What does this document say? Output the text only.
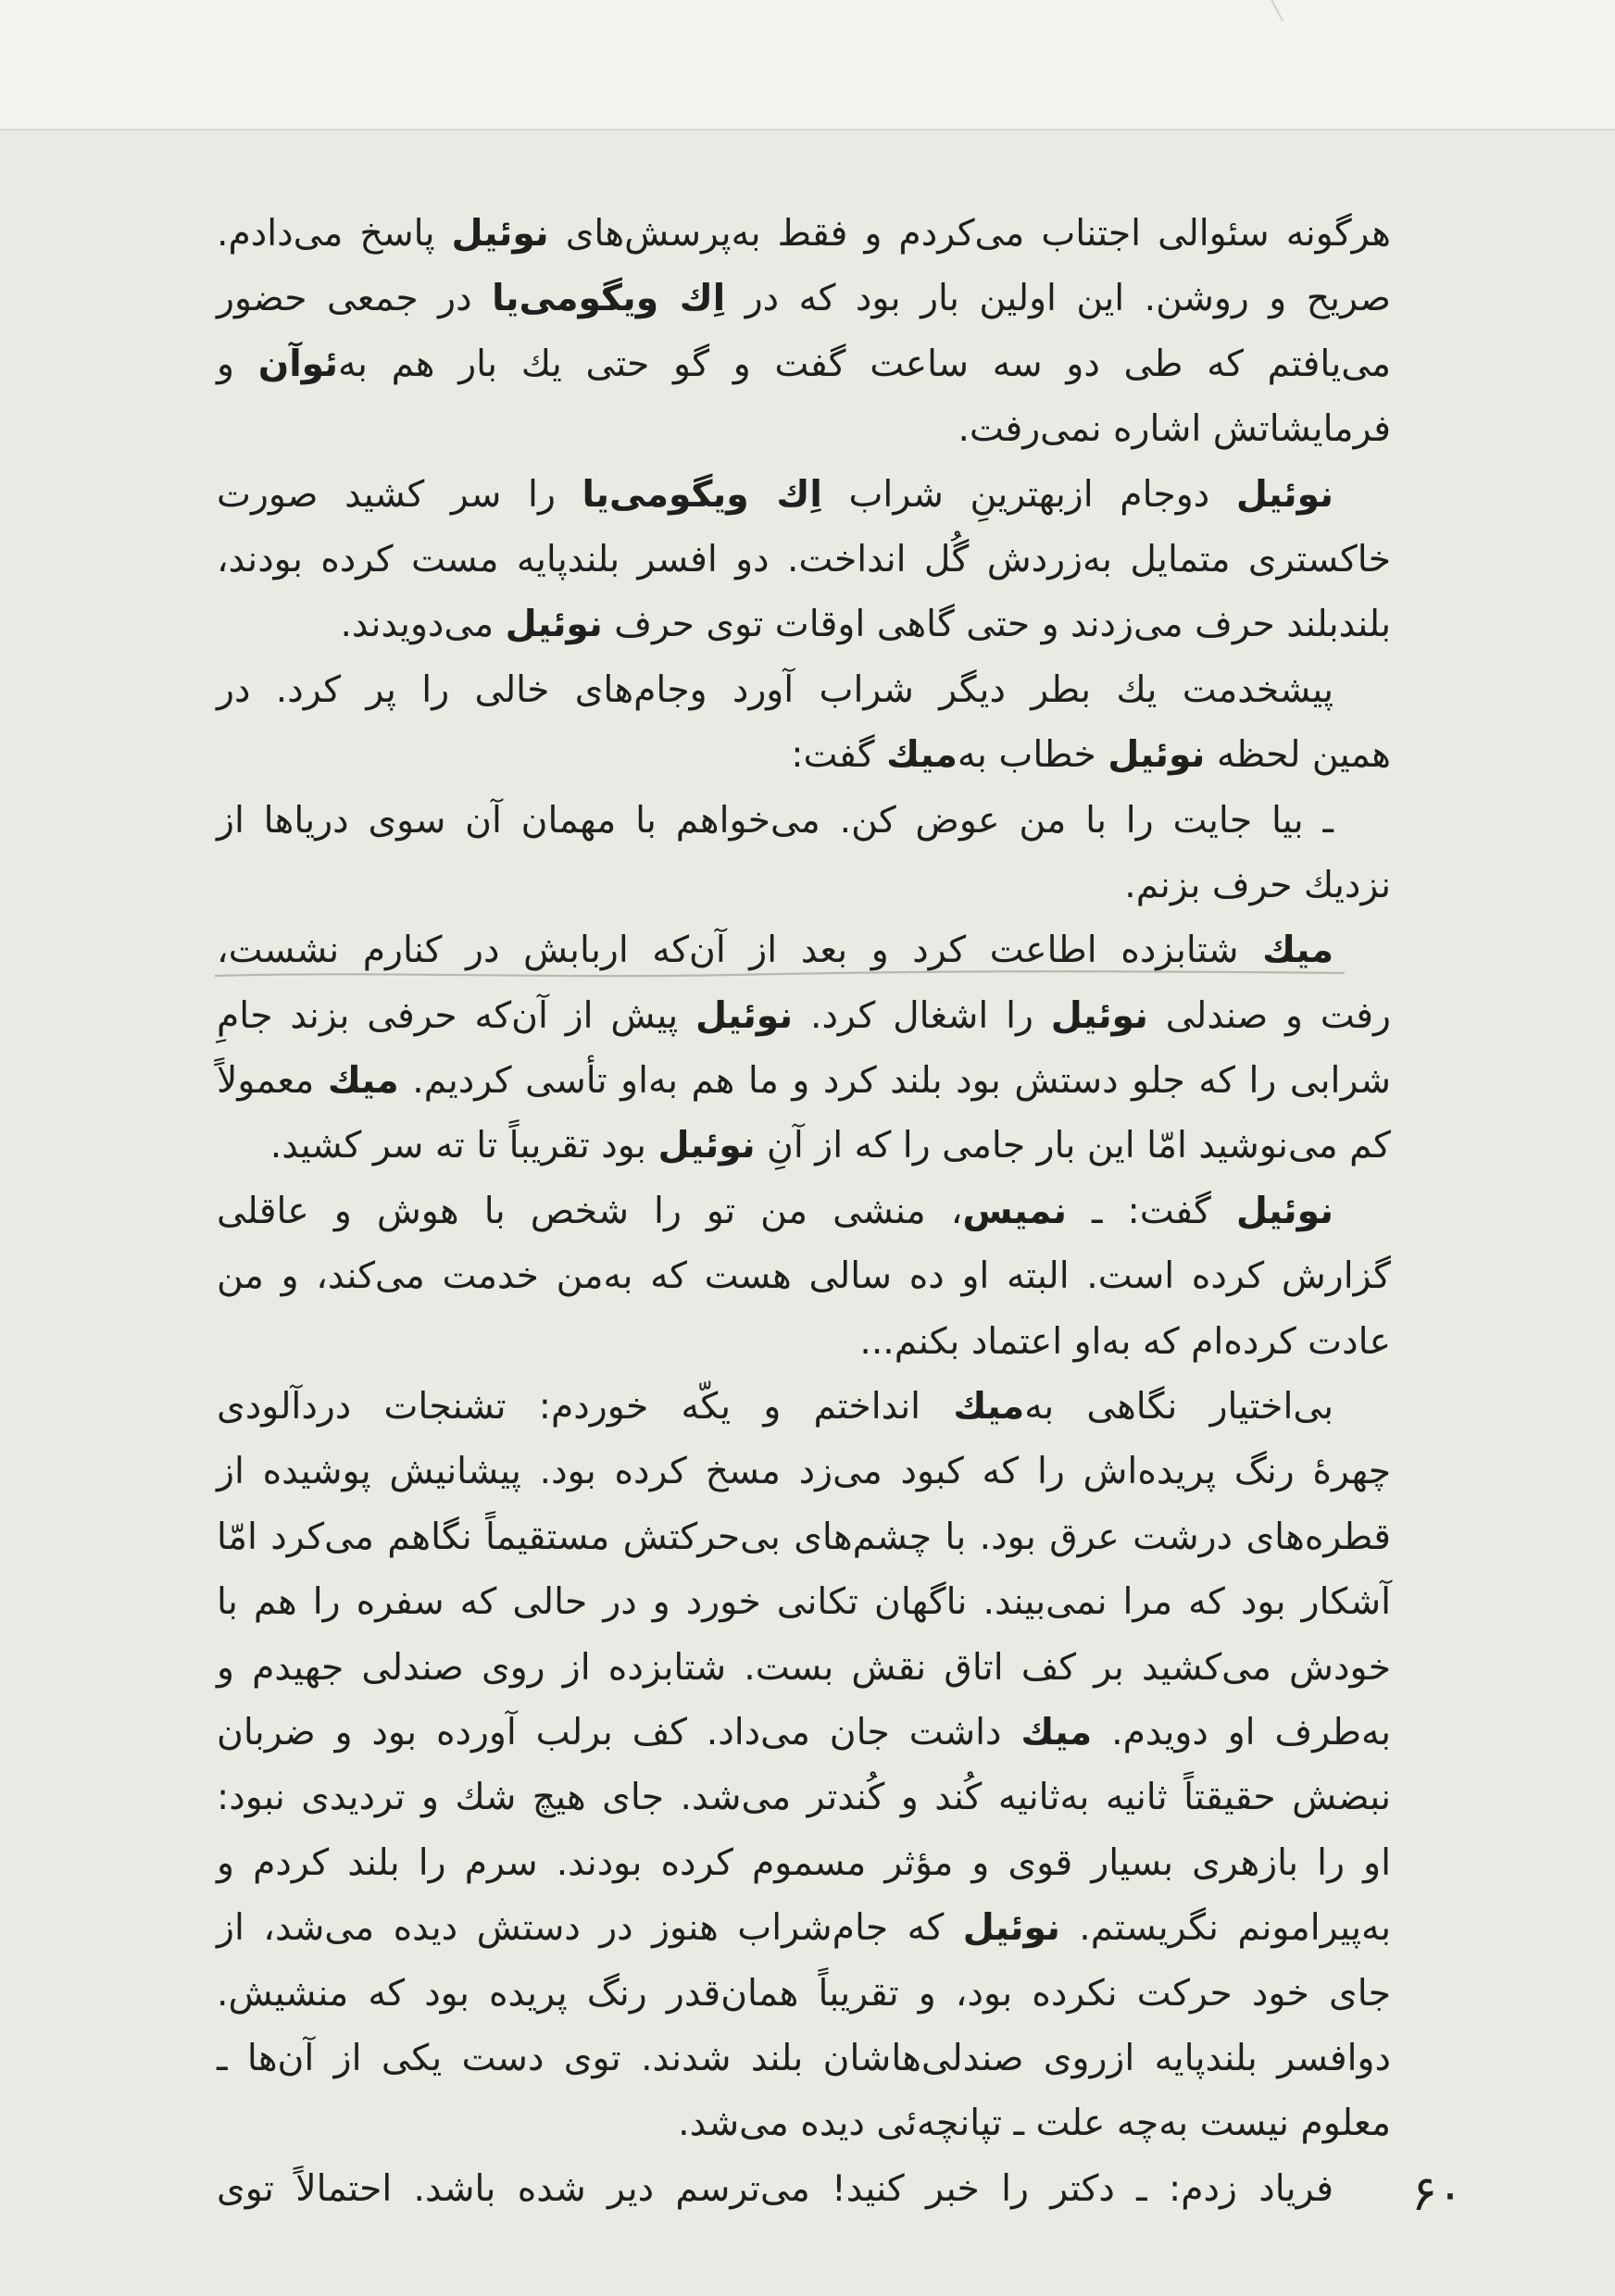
هرگونه سئوالی اجتناب می‌کردم و فقط به‌پرسش‌های نوئیل پاسخ می‌دادم.
صریح و روشن. این اولین بار بود که در اِك ویگومی‌یا در جمعی حضور
می‌یافتم که طی دو سه ساعت گفت و گو حتی یك بار هم به‌ئوآن و
فرمایشاتش اشاره نمی‌رفت.
نوئیل دوجام ازبهترینِ شراب اِك ویگومی‌یا را سر کشید صورت
خاکستری متمایل به‌زردش گُل انداخت. دو افسر بلندپایه مست کرده بودند،
بلندبلند حرف می‌زدند و حتی گاهی اوقات توی حرف نوئیل می‌دویدند.
پیشخدمت یك بطر دیگر شراب آورد وجام‌های خالی را پر کرد. در
همین لحظه نوئیل خطاب به‌میك گفت:
ـ بیا جایت را با من عوض کن. می‌خواهم با مهمان آن سوی دریاها از
نزدیك حرف بزنم.
میك شتابزده اطاعت کرد و بعد از آن‌که اربابش در کنارم نشست،
رفت و صندلی نوئیل را اشغال کرد. نوئیل پیش از آن‌که حرفی بزند جامِ
شرابی را که جلو دستش بود بلند کرد و ما هم به‌او تأسی کردیم. میك معمولاً
کم می‌نوشید امّا این بار جامی را که از آنِ نوئیل بود تقریباً تا ته سر کشید.
نوئیل گفت: ـ نمیس، منشی من تو را شخص با هوش و عاقلی
گزارش کرده است. البته او ده سالی هست که به‌من خدمت می‌کند، و من
عادت کرده‌ام که به‌او اعتماد بکنم...
بی‌اختیار نگاهی به‌میك انداختم و یکّه خوردم: تشنجات دردآلودی
چهرهٔ رنگ پریده‌اش را که کبود می‌زد مسخ کرده بود. پیشانیش پوشیده از
قطره‌های درشت عرق بود. با چشم‌های بی‌حرکتش مستقیماً نگاهم می‌کرد امّا
آشکار بود که مرا نمی‌بیند. ناگهان تکانی خورد و در حالی که سفره را هم با
خودش می‌کشید بر کف اتاق نقش بست. شتابزده از روی صندلی جهیدم و
به‌طرف او دویدم. میك داشت جان می‌داد. کف برلب آورده بود و ضربان
نبضش حقیقتاً ثانیه به‌ثانیه کُند و کُندتر می‌شد. جای هیچ شك و تردیدی نبود:
او را بازهری بسیار قوی و مؤثر مسموم کرده بودند. سرم را بلند کردم و
به‌پیرامونم نگریستم. نوئیل که جام‌شراب هنوز در دستش دیده می‌شد، از
جای خود حرکت نکرده بود، و تقریباً همان‌قدر رنگ پریده بود که منشیش.
دوافسر بلندپایه ازروی صندلی‌هاشان بلند شدند. توی دست یکی از آن‌ها ـ
معلوم نیست به‌چه علت ـ تپانچه‌ئی دیده می‌شد.
فریاد زدم: ـ دکتر را خبر کنید! می‌ترسم دیر شده باشد. احتمالاً توی	۶۰
